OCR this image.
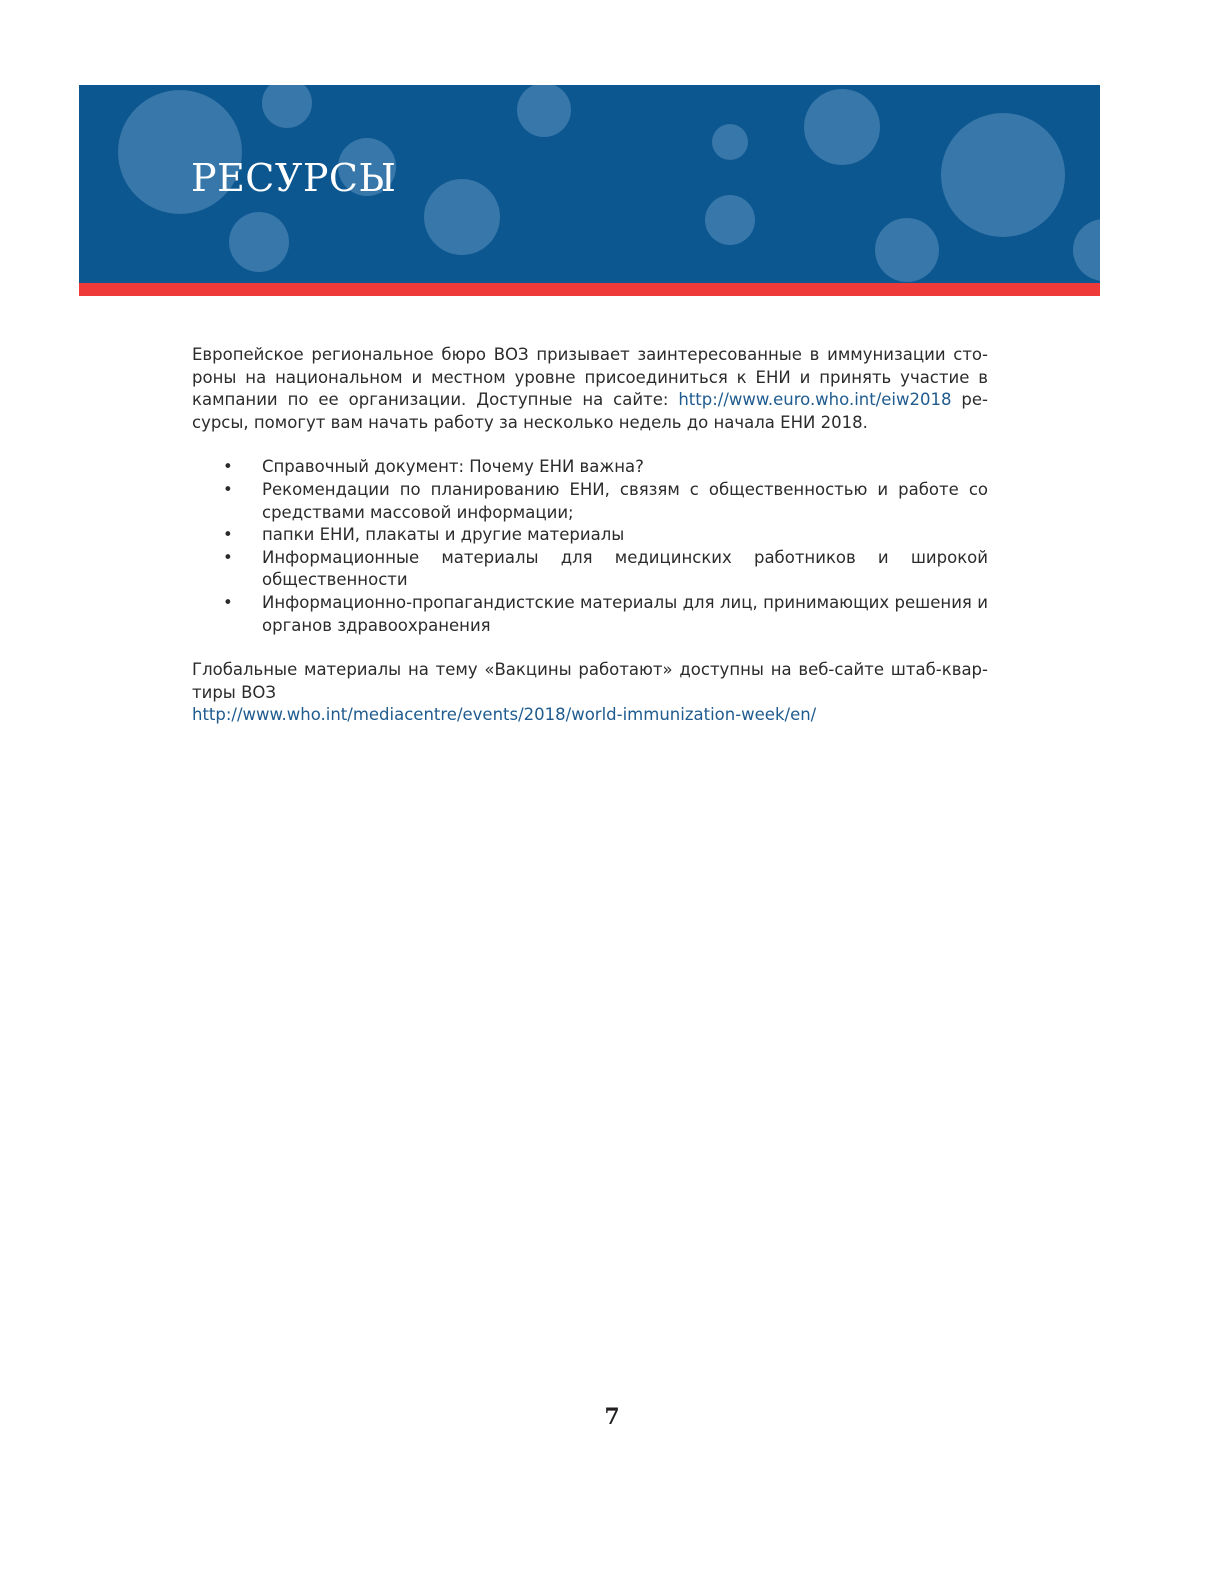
РЕСУРСЫ

Европейское региональное бюро ВОЗ призывает заинтересованные в иммунизации сто-роны на национальном и местном уровне присоединиться к ЕНИ и принять участие в кампании по ее организации. Доступные на сайте: http://www.euro.who.int/eiw2018 ре-сурсы, помогут вам начать работу за несколько недель до начала ЕНИ 2018.

• Справочный документ: Почему ЕНИ важна?
• Рекомендации по планированию ЕНИ, связям с общественностью и работе со средствами массовой информации;
• папки ЕНИ, плакаты и другие материалы
• Информационные материалы для медицинских работников и широкой общественности
• Информационно-пропагандистские материалы для лиц, принимающих решения и органов здравоохранения

Глобальные материалы на тему «Вакцины работают» доступны на веб-сайте штаб-квар-тиры ВОЗ
http://www.who.int/mediacentre/events/2018/world-immunization-week/en/

7
